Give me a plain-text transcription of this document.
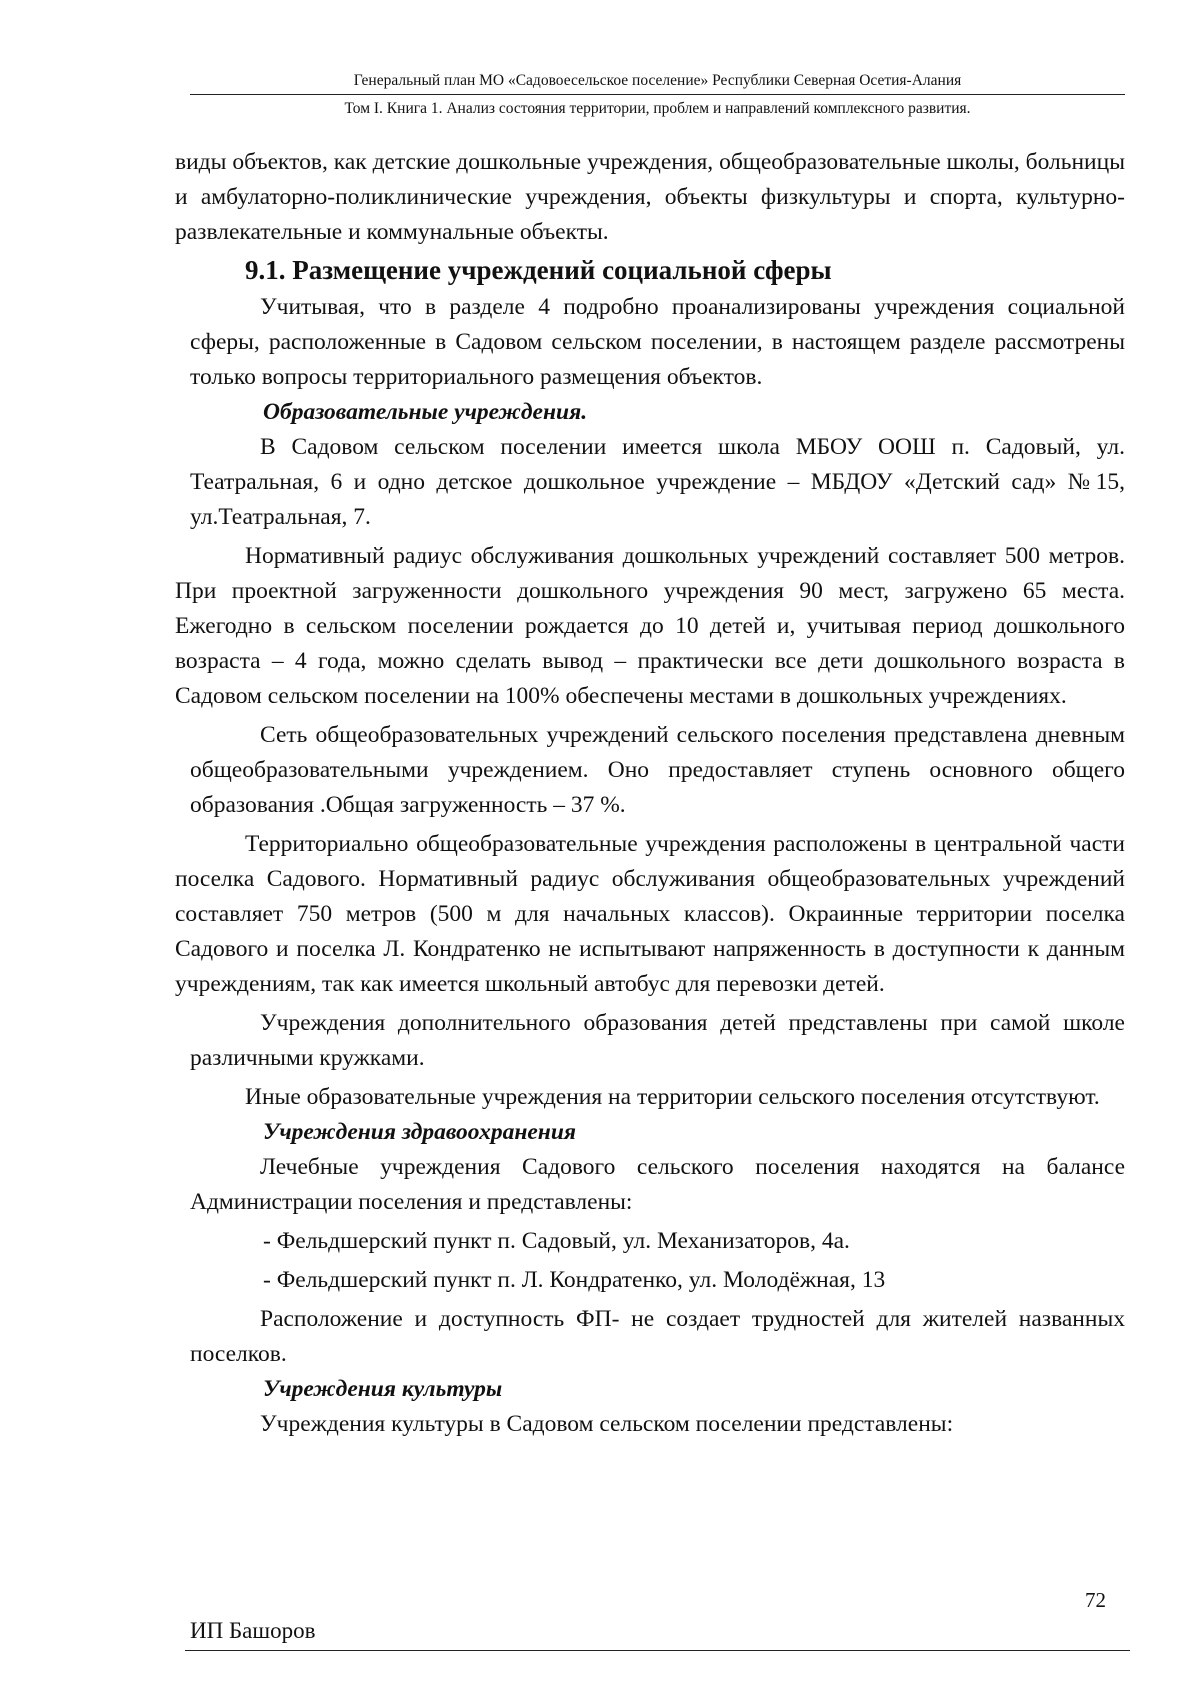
Генеральный план МО «Садовоесельское поселение» Республики Северная Осетия-Алания
Том I. Книга 1. Анализ состояния территории, проблем и направлений комплексного развития.

виды объектов, как детские дошкольные учреждения, общеобразовательные школы, больницы и амбулаторно-поликлинические учреждения, объекты физкультуры и спорта, культурно-развлекательные и коммунальные объекты.

9.1. Размещение учреждений социальной сферы

Учитывая, что в разделе 4 подробно проанализированы учреждения социальной сферы, расположенные в Садовом сельском поселении, в настоящем разделе рассмотрены только вопросы территориального размещения объектов.

Образовательные учреждения.

В Садовом сельском поселении имеется школа МБОУ ООШ п. Садовый, ул. Театральная, 6 и одно детское дошкольное учреждение – МБДОУ «Детский сад» №15, ул.Театральная, 7.

Нормативный радиус обслуживания дошкольных учреждений составляет 500 метров. При проектной загруженности дошкольного учреждения 90 мест, загружено 65 места. Ежегодно в сельском поселении рождается до 10 детей и, учитывая период дошкольного возраста – 4 года, можно сделать вывод – практически все дети дошкольного возраста в Садовом сельском поселении на 100% обеспечены местами в дошкольных учреждениях.

Сеть общеобразовательных учреждений сельского поселения представлена дневным общеобразовательными учреждением. Оно предоставляет ступень основного общего образования .Общая загруженность – 37 %.

Территориально общеобразовательные учреждения расположены в центральной части поселка Садового. Нормативный радиус обслуживания общеобразовательных учреждений составляет 750 метров (500 м для начальных классов). Окраинные территории поселка Садового и поселка Л. Кондратенко не испытывают напряженность в доступности к данным учреждениям, так как имеется школьный автобус для перевозки детей.

Учреждения дополнительного образования детей представлены при самой школе различными кружками.

Иные образовательные учреждения на территории сельского поселения отсутствуют.

Учреждения здравоохранения

Лечебные учреждения Садового сельского поселения находятся на балансе Администрации поселения и представлены:

- Фельдшерский пункт п. Садовый, ул. Механизаторов, 4а.

- Фельдшерский пункт п. Л. Кондратенко, ул. Молодёжная, 13

Расположение и доступность ФП- не создает трудностей для жителей названных поселков.

Учреждения культуры

Учреждения культуры в Садовом сельском поселении представлены:

72
ИП Башоров
